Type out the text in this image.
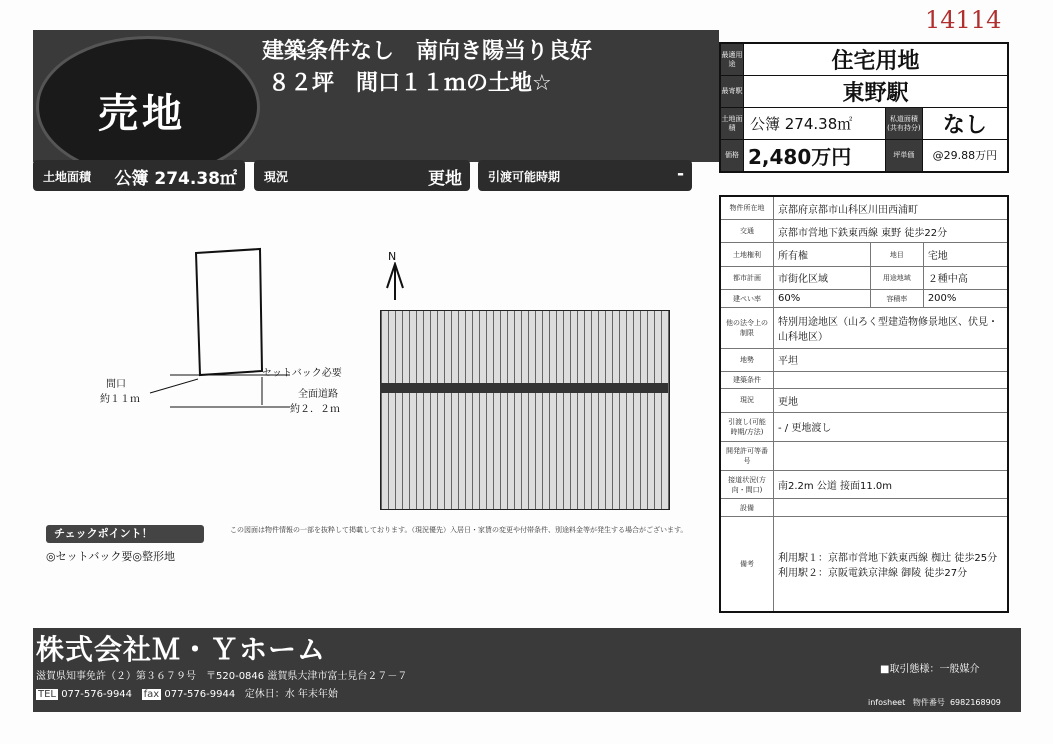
14114
売地
建築条件なし　南向き陽当り良好
８２坪　間口１１ｍの土地☆
土地面積 公簿 274.38㎡ 現況	更地 引渡可能時期	-
最適用途	住宅用地		
最寄駅	東野駅		
土地面積	公簿 274.38㎡	私道面積(共有持分)	なし
価格	2,480万円	坪単価	@29.88万円
物件所在地	京都府京都市山科区川田西浦町		
交通	京都市営地下鉄東西線 東野 徒歩22分		
土地権利	所有権	地目	宅地
都市計画	市街化区域	用途地域	２種中高
建ぺい率	60%	容積率	200%
他の法令上の制限	特別用途地区（山ろく型建造物修景地区、伏見・山科地区）		
地勢	平坦		
建築条件			
現況	更地		
引渡し(可能時期/方法)	- / 更地渡し		
開発許可等番号			
接道状況(方向・間口)	南2.2m 公道 接面11.0m		
設備			
備考	利用駅１：京都市営地下鉄東西線 椥辻 徒歩25分
利用駅２：京阪電鉄京津線 御陵 徒歩27分		
セットバック必要
間口
約１１ｍ	全面道路
約２．２ｍ
N
この図面は物件情報の一部を抜粋して掲載しております。（現況優先）入居日・家賃の変更や付帯条件、別途料金等が発生する場合がございます。
チェックポイント！
◎セットバック要◎整形地
株式会社Ｍ・Ｙホーム
滋賀県知事免許（２）第３６７９号　〒520-0846 滋賀県大津市富士見台２７－７
TEL 077-576-9944 fax 077-576-9944 定休日：水 年末年始
■取引態様：一般媒介
infosheet 物件番号 6982168909
